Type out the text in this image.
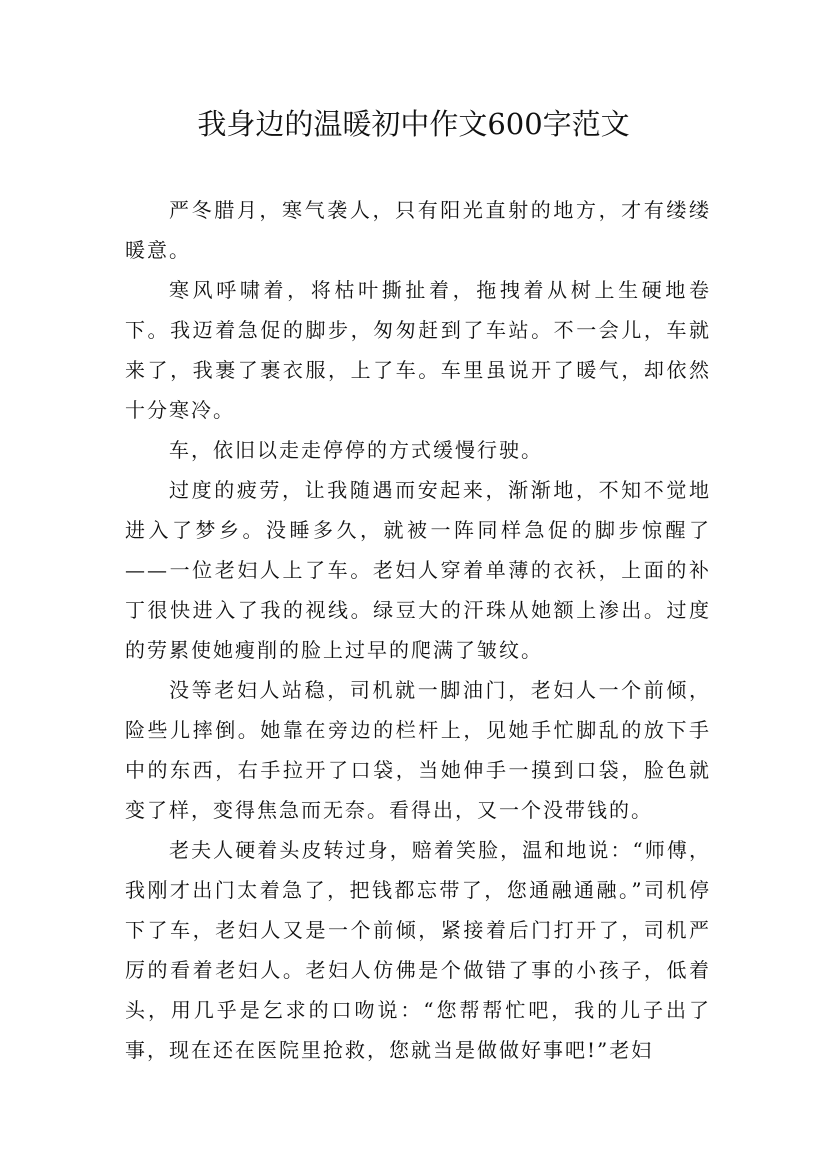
我身边的温暖初中作文600字范文

严冬腊月，寒气袭人，只有阳光直射的地方，才有缕缕暖意。

寒风呼啸着，将枯叶撕扯着，拖拽着从树上生硬地卷下。我迈着急促的脚步，匆匆赶到了车站。不一会儿，车就来了，我裹了裹衣服，上了车。车里虽说开了暖气，却依然十分寒冷。

车，依旧以走走停停的方式缓慢行驶。

过度的疲劳，让我随遇而安起来，渐渐地，不知不觉地进入了梦乡。没睡多久，就被一阵同样急促的脚步惊醒了——一位老妇人上了车。老妇人穿着单薄的衣袄，上面的补丁很快进入了我的视线。绿豆大的汗珠从她额上渗出。过度的劳累使她瘦削的脸上过早的爬满了皱纹。

没等老妇人站稳，司机就一脚油门，老妇人一个前倾，险些儿摔倒。她靠在旁边的栏杆上，见她手忙脚乱的放下手中的东西，右手拉开了口袋，当她伸手一摸到口袋，脸色就变了样，变得焦急而无奈。看得出，又一个没带钱的。

老夫人硬着头皮转过身，赔着笑脸，温和地说：“师傅，我刚才出门太着急了，把钱都忘带了，您通融通融。”司机停下了车，老妇人又是一个前倾，紧接着后门打开了，司机严厉的看着老妇人。老妇人仿佛是个做错了事的小孩子，低着头，用几乎是乞求的口吻说：“您帮帮忙吧，我的儿子出了事，现在还在医院里抢救，您就当是做做好事吧!”老妇
